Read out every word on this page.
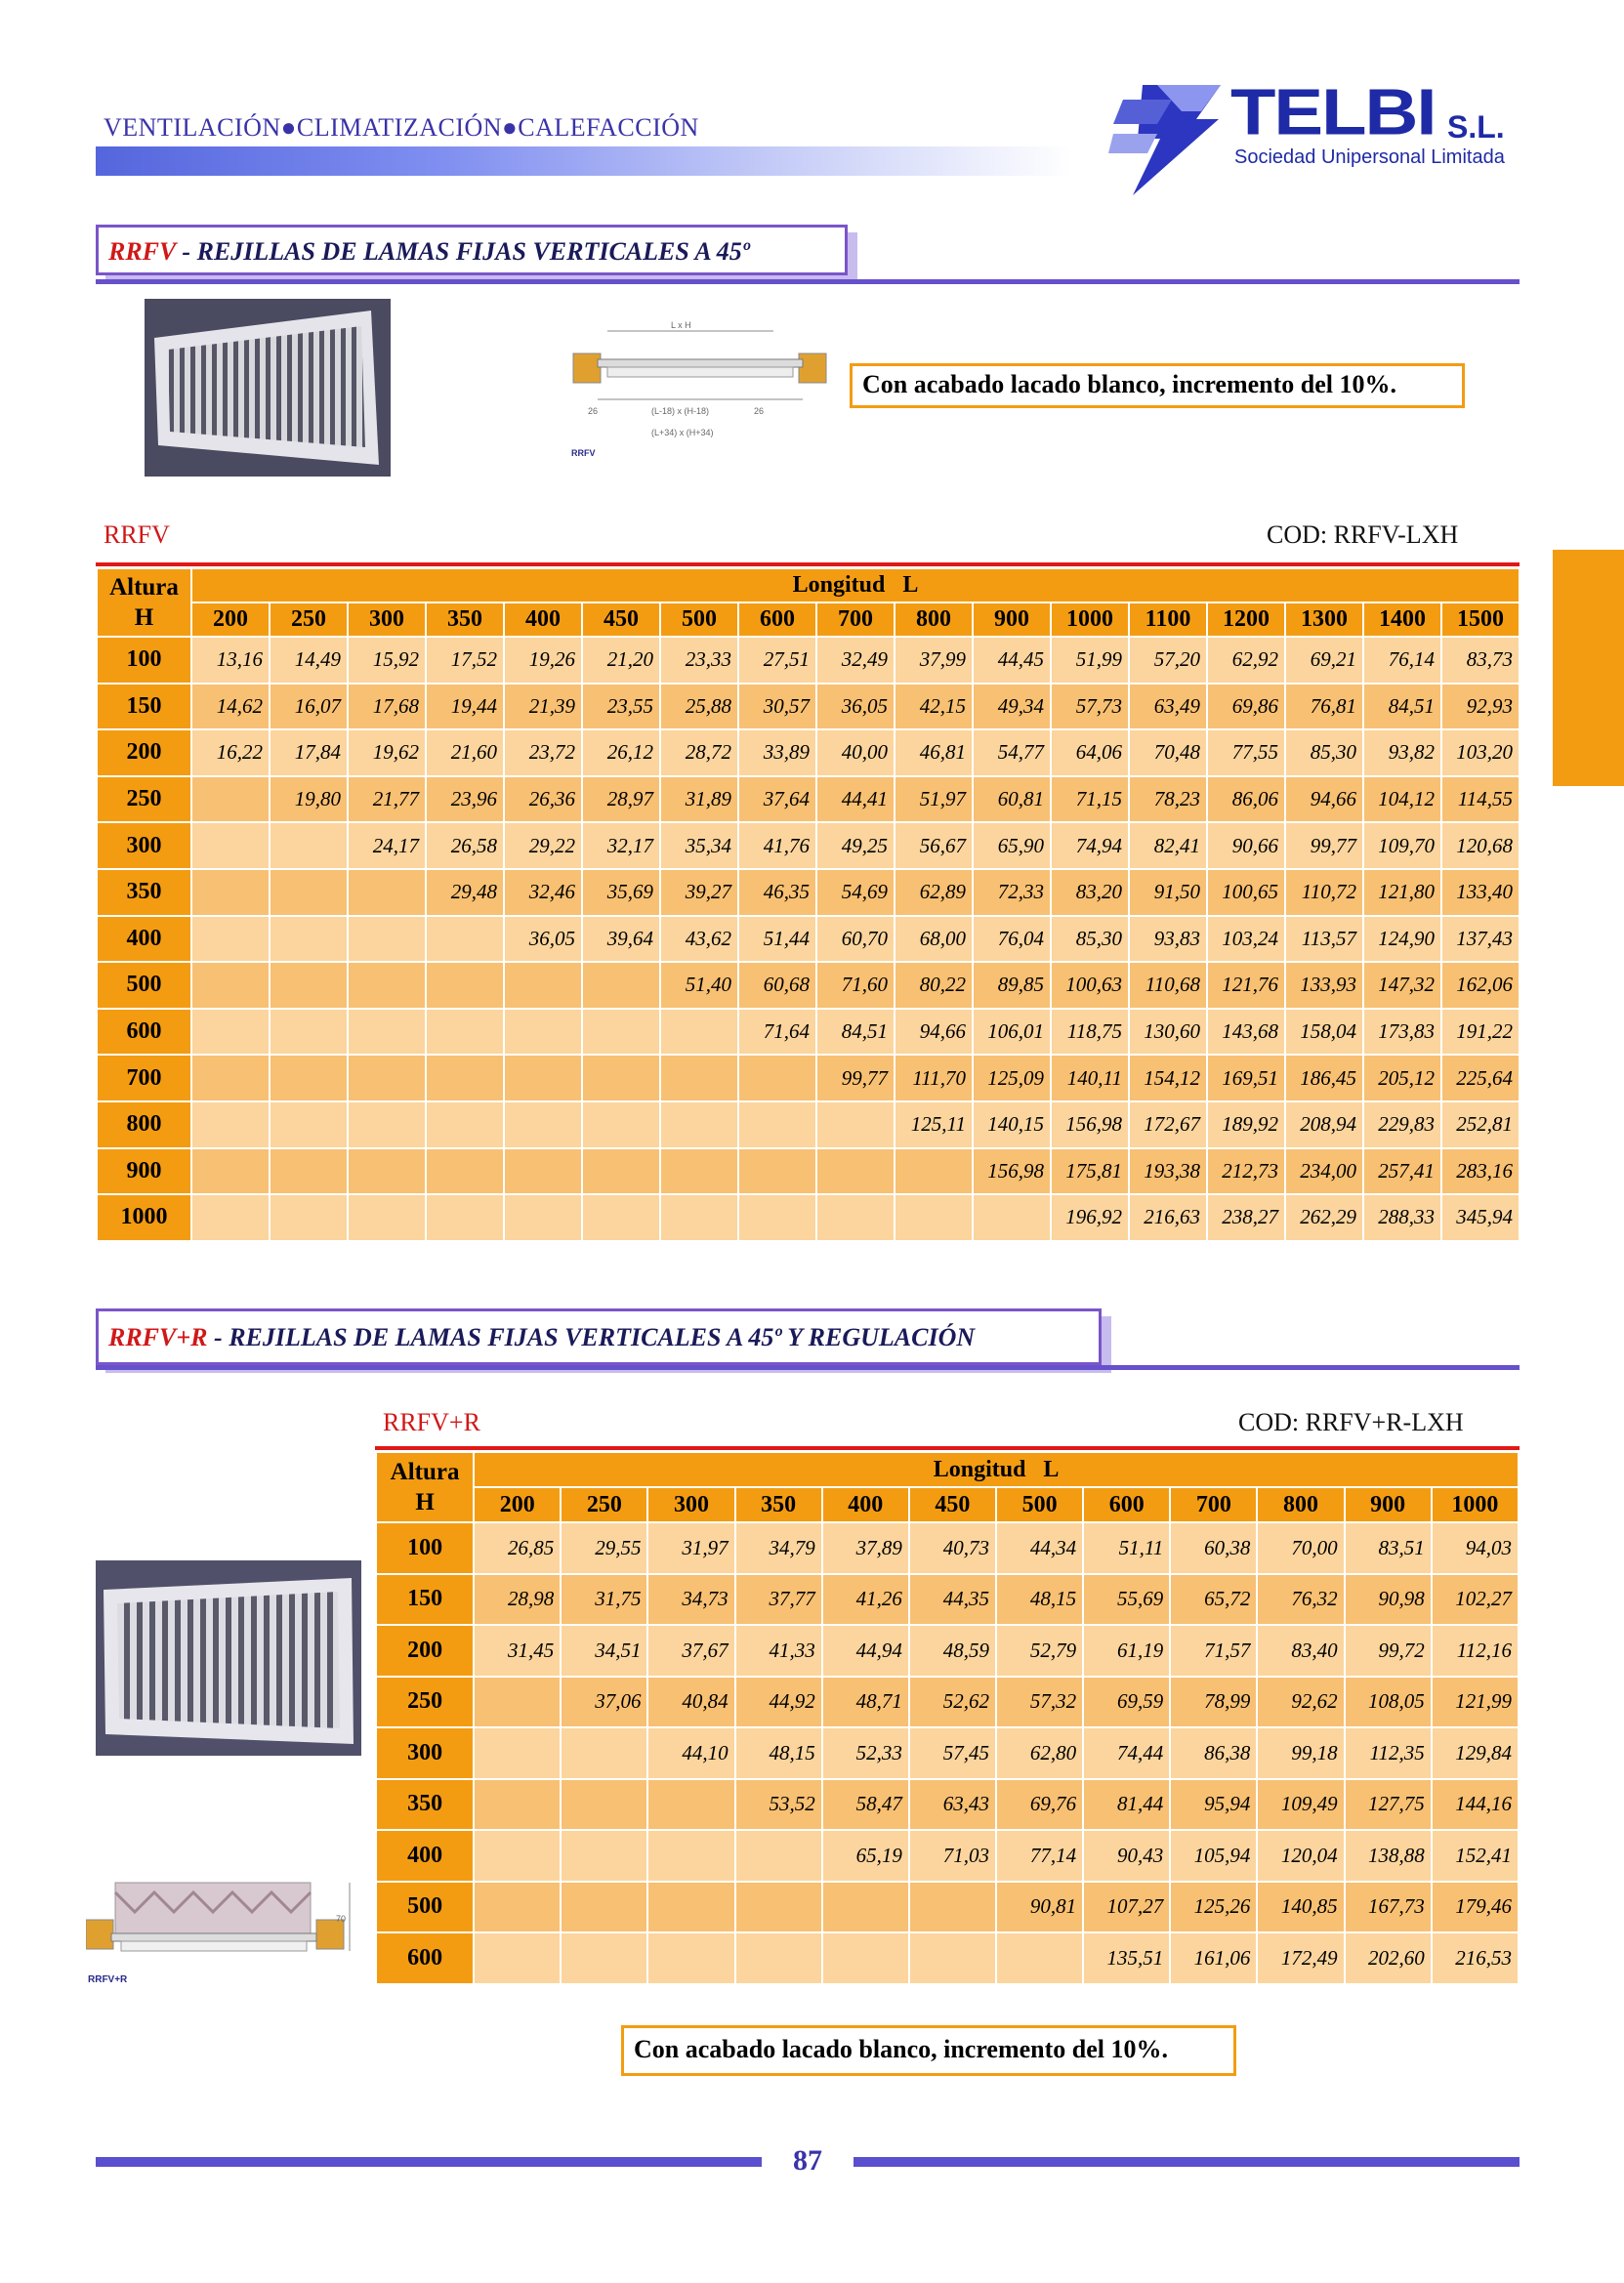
VENTILACIÓN●CLIMATIZACIÓN●CALEFACCIÓN	TELBI S.L.
Sociedad Unipersonal Limitada
RRFV - REJILLAS DE LAMAS FIJAS VERTICALES A 45º
L x H
(L-18) x (H-18)
(L+34) x (H+34)
26	26
RRFV
Con acabado lacado blanco, incremento del 10%.
RRFV	COD: RRFV-LXH
Altura
H	Longitud   L																
	200	250	300	350	400	450	500	600	700	800	900	1000	1100	1200	1300	1400	1500
100	13,16	14,49	15,92	17,52	19,26	21,20	23,33	27,51	32,49	37,99	44,45	51,99	57,20	62,92	69,21	76,14	83,73
150	14,62	16,07	17,68	19,44	21,39	23,55	25,88	30,57	36,05	42,15	49,34	57,73	63,49	69,86	76,81	84,51	92,93
200	16,22	17,84	19,62	21,60	23,72	26,12	28,72	33,89	40,00	46,81	54,77	64,06	70,48	77,55	85,30	93,82	103,20
250		19,80	21,77	23,96	26,36	28,97	31,89	37,64	44,41	51,97	60,81	71,15	78,23	86,06	94,66	104,12	114,55
300			24,17	26,58	29,22	32,17	35,34	41,76	49,25	56,67	65,90	74,94	82,41	90,66	99,77	109,70	120,68
350				29,48	32,46	35,69	39,27	46,35	54,69	62,89	72,33	83,20	91,50	100,65	110,72	121,80	133,40
400					36,05	39,64	43,62	51,44	60,70	68,00	76,04	85,30	93,83	103,24	113,57	124,90	137,43
500							51,40	60,68	71,60	80,22	89,85	100,63	110,68	121,76	133,93	147,32	162,06
600								71,64	84,51	94,66	106,01	118,75	130,60	143,68	158,04	173,83	191,22
700									99,77	111,70	125,09	140,11	154,12	169,51	186,45	205,12	225,64
800										125,11	140,15	156,98	172,67	189,92	208,94	229,83	252,81
900											156,98	175,81	193,38	212,73	234,00	257,41	283,16
1000												196,92	216,63	238,27	262,29	288,33	345,94
RRFV+R - REJILLAS DE LAMAS FIJAS VERTICALES A 45º Y REGULACIÓN
RRFV+R	COD: RRFV+R-LXH
70
RRFV+R
Altura
H	Longitud   L											
	200	250	300	350	400	450	500	600	700	800	900	1000
100	26,85	29,55	31,97	34,79	37,89	40,73	44,34	51,11	60,38	70,00	83,51	94,03
150	28,98	31,75	34,73	37,77	41,26	44,35	48,15	55,69	65,72	76,32	90,98	102,27
200	31,45	34,51	37,67	41,33	44,94	48,59	52,79	61,19	71,57	83,40	99,72	112,16
250		37,06	40,84	44,92	48,71	52,62	57,32	69,59	78,99	92,62	108,05	121,99
300			44,10	48,15	52,33	57,45	62,80	74,44	86,38	99,18	112,35	129,84
350				53,52	58,47	63,43	69,76	81,44	95,94	109,49	127,75	144,16
400					65,19	71,03	77,14	90,43	105,94	120,04	138,88	152,41
500							90,81	107,27	125,26	140,85	167,73	179,46
600								135,51	161,06	172,49	202,60	216,53
Con acabado lacado blanco, incremento del 10%.
87
